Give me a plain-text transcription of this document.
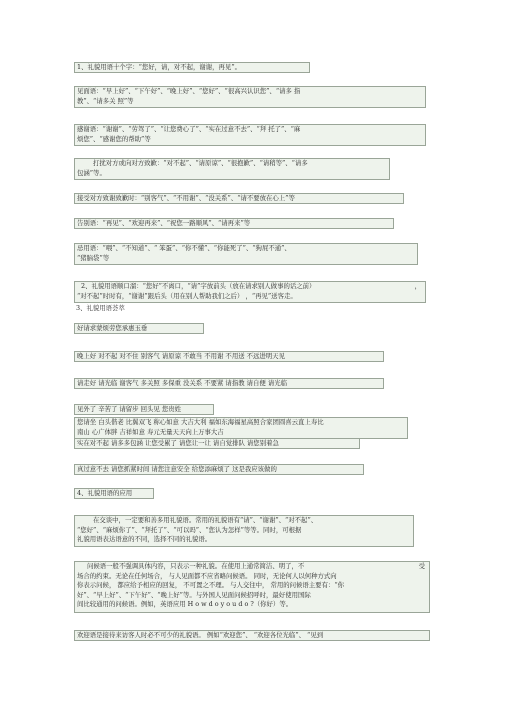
1、礼貌用语十个字：“您好，请，对不起，谢谢，再见”。
见面语：“早上好”、“下午好”、“晚上好”、“您好”、“很高兴认识您”、“请多 指
教”、“请多关 照”等
感谢语：“谢谢”、“劳驾了”、“让您费心了”、“实在过意不去”、“拜 托了”、“麻
烦您”、“感谢您的帮助”等
打扰对方或向对方致歉：“对不起”、“请原谅”、“很抱歉”、“请稍等”、“请多
包涵”等。
接受对方致谢致歉时：“别客气”、“不用谢”、“没关系”、“请不要放在心上”等
告别语：“再见”、“欢迎再来”、“祝您一路顺风”、“请再来”等
忌用语：“喂”、“不知道”、“ 笨蛋”、“你不懂”、“你能死了”、“狗屁不通”、
“猪脑袋”等
2、礼貌用语顺口溜：“您好”不离口，“请”字放前头（放在请求别人做事的话之前）	，
“对不起”时时有，“谢谢”跟后头（用在别人帮助我们之后） ，“再见”送客走。
3、礼貌用语荟萃
好请求蒙烦劳您承惠玉垂
晚上好 对不起 对不住 别客气 请原谅 不敢当 不用谢 不用送 不远进明天见
请走好 请光临 谢客气 多关照 多保重 没关系 不要紧 请指教 请自便 请光临
见外了 辛苦了 请留步 回头见 您贵姓
您请坐 白头偕老 比翼双飞 称心如意 大吉大利 福如东海福星高照合家团圆喜云直上寿比
南山 心广体胖 吉祥如意 寿元无量天天向上万事大吉
实在对不起 请多多包涵 让您受累了 请您让一让 请自觉排队 请您别着急
真过意不去 请您抓紧时间 请您注意安全 给您添麻烦了 这是我应该做的
4、礼貌用语的应用
在交谈中，一定要和善多用礼貌语。常用的礼貌语有“请”、“谢谢”、“对不起”、
“您好”、“麻烦你了”、“拜托了”、“可以吗”、“您认为怎样”等等。同时，可根据
礼貌用语表达语意的不同，选择不同的礼貌语。
问候语一般不强调具体内容，只表示一种礼貌。在使用上通常简洁、明了，不	受
场合的约束。无论在任何场合， 与人见面都不应省略问候语。 同时，无论何人以何种方式向
你表示问候， 都应给予相应的回复， 不可置之不理。 与人交往中， 常用的问候语主要有：“你
好”、“早上好”、“下午好”、“晚上好”等。与外国人见面问候招呼时，最好使用国际
间比较通用的问候语。例如，英语应用 H o w d o y o u d o ?（你好）等。
欢迎语是接待来访客人时必不可少的礼貌语。 例如“欢迎您”、 “欢迎各位光临”、 “见到
